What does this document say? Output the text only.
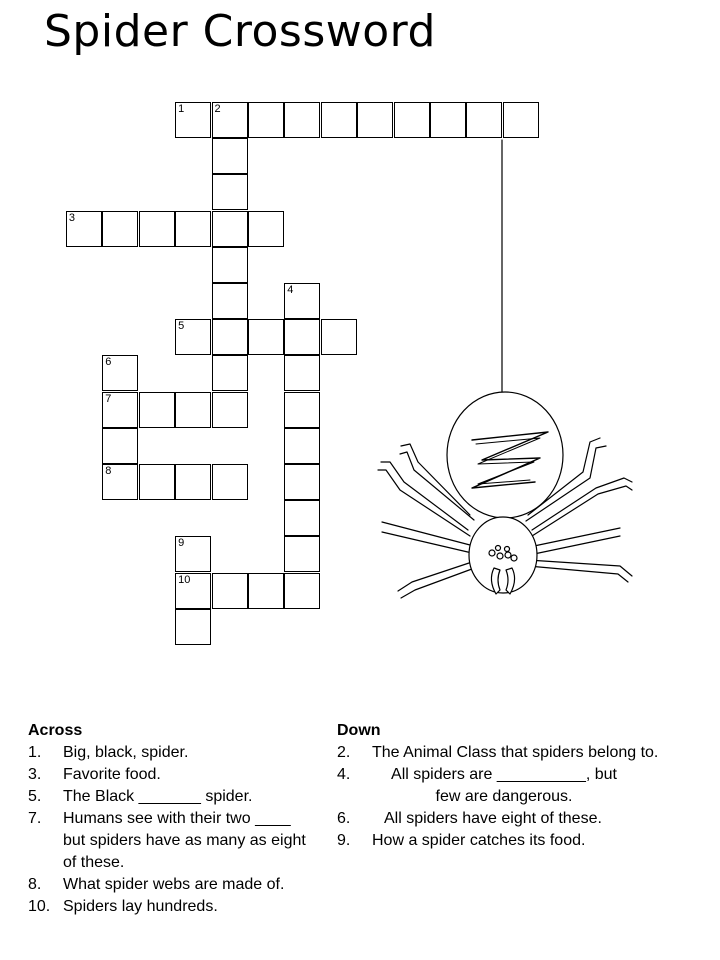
Spider Crossword
1	2
3
4
5
6
7
8
9
10
Across
1.	Big, black, spider.
3.	Favorite food.
5.	The Black _______ spider.
7.	Humans see with their two ____ but spiders have as many as eight of these.
8.	What spider webs are made of.
10. Spiders lay hundreds.
Down
2.	The Animal Class that spiders belong to.
4.	All spiders are __________, but few are dangerous.
6.	All spiders have eight of these.
9.	How a spider catches its food.
